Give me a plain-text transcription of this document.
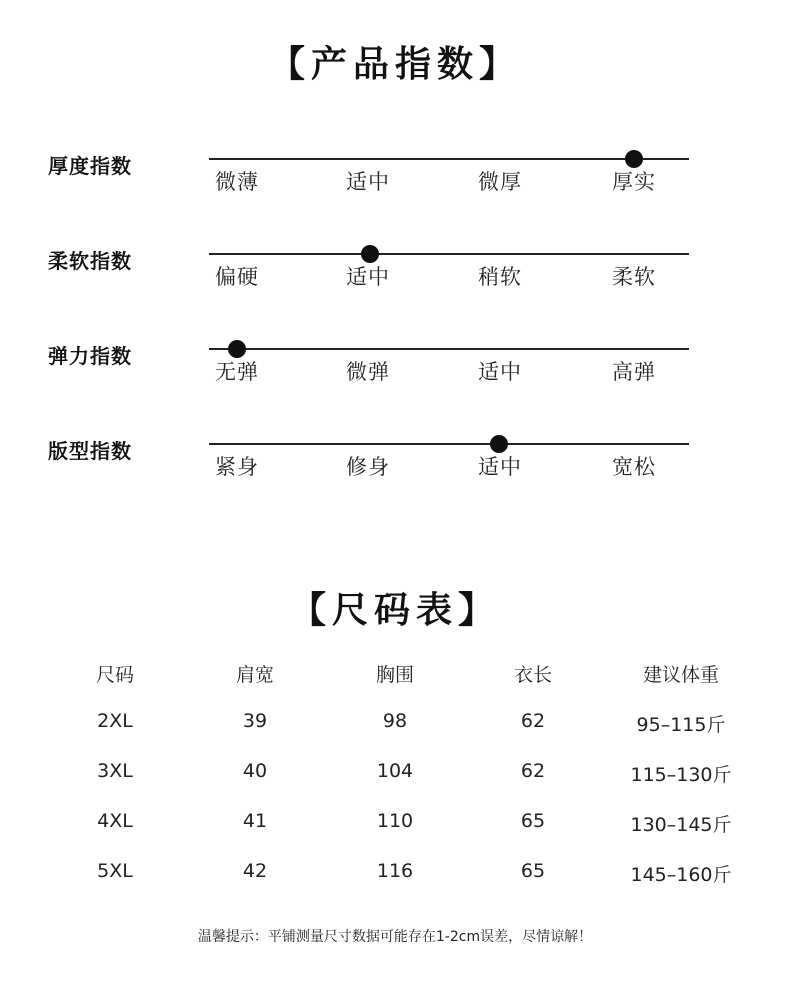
【产品指数】
厚度指数
微薄	适中	微厚	厚实
柔软指数
偏硬	适中	稍软	柔软
弹力指数
无弹	微弹	适中	高弹
版型指数
紧身	修身	适中	宽松
【尺码表】
尺码	肩宽	胸围	衣长	建议体重
2XL	39	98	62	95–115斤
3XL	40	104	62	115–130斤
4XL	41	110	65	130–145斤
5XL	42	116	65	145–160斤
温馨提示：平铺测量尺寸数据可能存在1-2cm误差，尽情谅解！
